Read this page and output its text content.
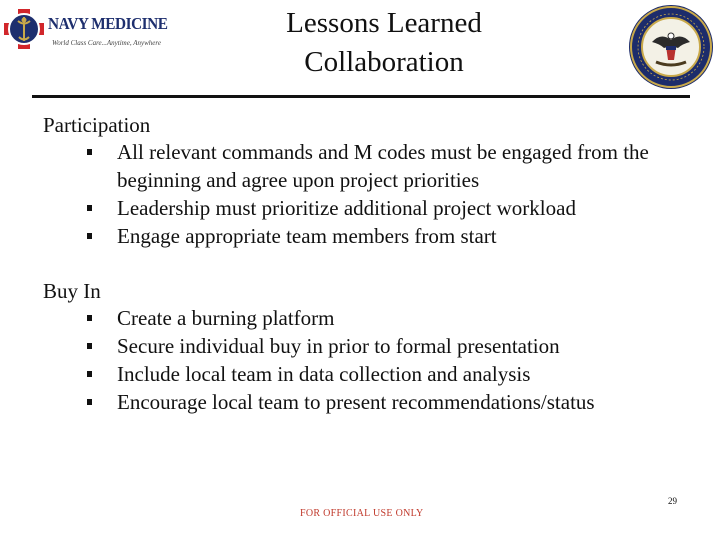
NAVY MEDICINE
World Class Care...Anytime, Anywhere
Lessons Learned
Collaboration
Participation
All relevant commands and M codes must be engaged from the beginning and agree upon project priorities
Leadership must prioritize additional project workload
Engage appropriate team members from start
Buy In
Create a burning platform
Secure individual buy in prior to formal presentation
Include local team in data collection and analysis
Encourage local team to present recommendations/status
FOR OFFICIAL USE ONLY
29
